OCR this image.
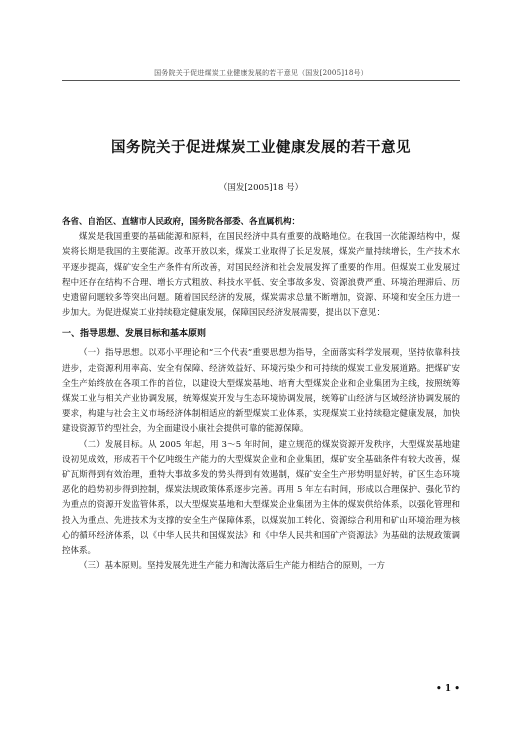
国务院关于促进煤炭工业健康发展的若干意见（国发[2005]18号）
国务院关于促进煤炭工业健康发展的若干意见
（国发[2005]18 号）

各省、自治区、直辖市人民政府，国务院各部委、各直属机构：

煤炭是我国重要的基础能源和原料，在国民经济中具有重要的战略地位。在我国一次能源结构中，煤炭将长期是我国的主要能源。改革开放以来，煤炭工业取得了长足发展，煤炭产量持续增长，生产技术水平逐步提高，煤矿安全生产条件有所改善，对国民经济和社会发展发挥了重要的作用。但煤炭工业发展过程中还存在结构不合理、增长方式粗放、科技水平低、安全事故多发、资源浪费严重、环境治理滞后、历史遗留问题较多等突出问题。随着国民经济的发展，煤炭需求总量不断增加，资源、环境和安全压力进一步加大。为促进煤炭工业持续稳定健康发展，保障国民经济发展需要，提出以下意见：

一、指导思想、发展目标和基本原则

（一）指导思想。以邓小平理论和“三个代表”重要思想为指导，全面落实科学发展观，坚持依靠科技进步，走资源利用率高、安全有保障、经济效益好、环境污染少和可持续的煤炭工业发展道路。把煤矿安全生产始终放在各项工作的首位，以建设大型煤炭基地、培育大型煤炭企业和企业集团为主线，按照统筹煤炭工业与相关产业协调发展，统筹煤炭开发与生态环境协调发展，统筹矿山经济与区域经济协调发展的要求，构建与社会主义市场经济体制相适应的新型煤炭工业体系，实现煤炭工业持续稳定健康发展，加快建设资源节约型社会，为全面建设小康社会提供可靠的能源保障。

（二）发展目标。从 2005 年起，用 3～5 年时间，建立规范的煤炭资源开发秩序，大型煤炭基地建设初见成效，形成若干个亿吨级生产能力的大型煤炭企业和企业集团，煤矿安全基础条件有较大改善，煤矿瓦斯得到有效治理，重特大事故多发的势头得到有效遏制，煤矿安全生产形势明显好转，矿区生态环境恶化的趋势初步得到控制，煤炭法规政策体系逐步完善。再用 5 年左右时间，形成以合理保护、强化节约为重点的资源开发监管体系，以大型煤炭基地和大型煤炭企业集团为主体的煤炭供给体系，以强化管理和投入为重点、先进技术为支撑的安全生产保障体系，以煤炭加工转化、资源综合利用和矿山环境治理为核心的循环经济体系，以《中华人民共和国煤炭法》和《中华人民共和国矿产资源法》为基础的法规政策调控体系。

（三）基本原则。坚持发展先进生产能力和淘汰落后生产能力相结合的原则，一方

• 1 •
